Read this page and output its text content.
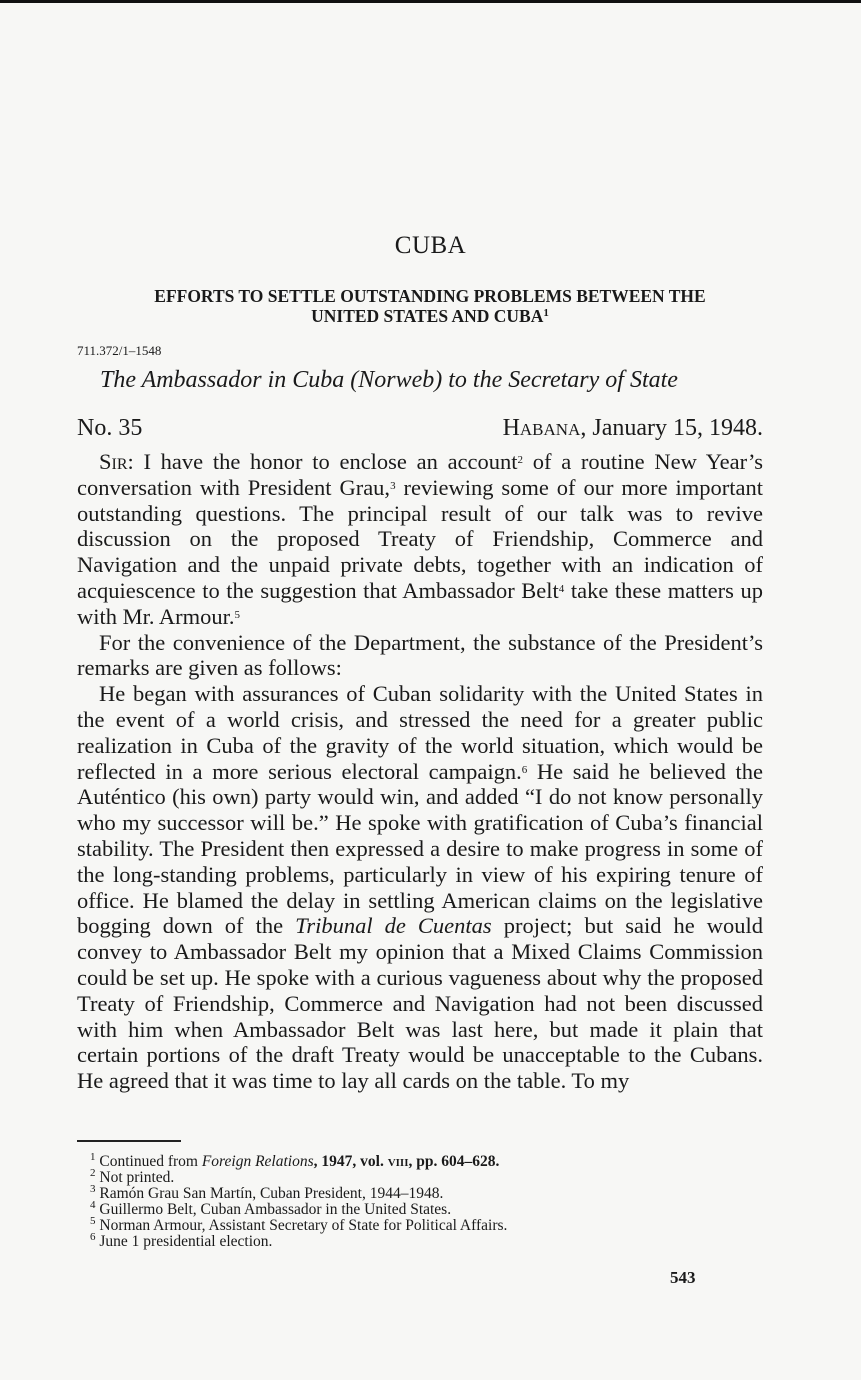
CUBA
EFFORTS TO SETTLE OUTSTANDING PROBLEMS BETWEEN THE
UNITED STATES AND CUBA$^1$
711.372/1–1548
The Ambassador in Cuba (Norweb) to the Secretary of State
No. 35	Habana, January 15, 1948.

Sir: I have the honor to enclose an account$^2$ of a routine New Year’s conversation with President Grau,$^3$ reviewing some of our more important outstanding questions. The principal result of our talk was to revive discussion on the proposed Treaty of Friendship, Commerce and Navigation and the unpaid private debts, together with an indication of acquiescence to the suggestion that Ambassador Belt$^4$ take these matters up with Mr. Armour.$^5$

For the convenience of the Department, the substance of the President’s remarks are given as follows:

He began with assurances of Cuban solidarity with the United States in the event of a world crisis, and stressed the need for a greater public realization in Cuba of the gravity of the world situation, which would be reflected in a more serious electoral campaign.$^6$ He said he believed the Auténtico (his own) party would win, and added “I do not know personally who my successor will be.” He spoke with gratification of Cuba’s financial stability. The President then expressed a desire to make progress in some of the long-standing problems, particularly in view of his expiring tenure of office. He blamed the delay in settling American claims on the legislative bogging down of the Tribunal de Cuentas project; but said he would convey to Ambassador Belt my opinion that a Mixed Claims Commission could be set up. He spoke with a curious vagueness about why the proposed Treaty of Friendship, Commerce and Navigation had not been discussed with him when Ambassador Belt was last here, but made it plain that certain portions of the draft Treaty would be unacceptable to the Cubans. He agreed that it was time to lay all cards on the table. To my

$^1$ Continued from Foreign Relations, 1947, vol. viii, pp. 604–628.
$^2$ Not printed.
$^3$ Ramón Grau San Martín, Cuban President, 1944–1948.
$^4$ Guillermo Belt, Cuban Ambassador in the United States.
$^5$ Norman Armour, Assistant Secretary of State for Political Affairs.
$^6$ June 1 presidential election.
543
